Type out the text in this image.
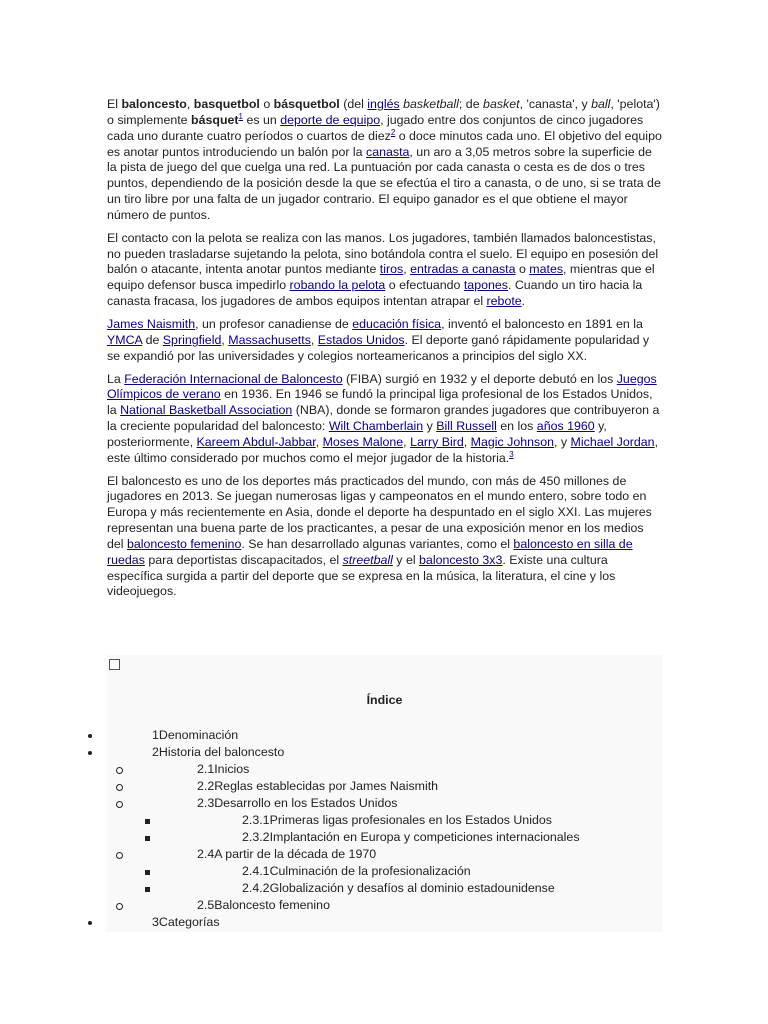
El baloncesto, basquetbol o básquetbol (del inglés basketball; de basket, 'canasta', y ball, 'pelota') o simplemente básquet$^1$ es un deporte de equipo, jugado entre dos conjuntos de cinco jugadores cada uno durante cuatro períodos o cuartos de diez$^2$ o doce minutos cada uno. El objetivo del equipo es anotar puntos introduciendo un balón por la canasta, un aro a 3,05 metros sobre la superficie de la pista de juego del que cuelga una red. La puntuación por cada canasta o cesta es de dos o tres puntos, dependiendo de la posición desde la que se efectúa el tiro a canasta, o de uno, si se trata de un tiro libre por una falta de un jugador contrario. El equipo ganador es el que obtiene el mayor número de puntos.

El contacto con la pelota se realiza con las manos. Los jugadores, también llamados baloncestistas, no pueden trasladarse sujetando la pelota, sino botándola contra el suelo. El equipo en posesión del balón o atacante, intenta anotar puntos mediante tiros, entradas a canasta o mates, mientras que el equipo defensor busca impedirlo robando la pelota o efectuando tapones. Cuando un tiro hacia la canasta fracasa, los jugadores de ambos equipos intentan atrapar el rebote.

James Naismith, un profesor canadiense de educación física, inventó el baloncesto en 1891 en la YMCA de Springfield, Massachusetts, Estados Unidos. El deporte ganó rápidamente popularidad y se expandió por las universidades y colegios norteamericanos a principios del siglo XX.

La Federación Internacional de Baloncesto (FIBA) surgió en 1932 y el deporte debutó en los Juegos Olímpicos de verano en 1936. En 1946 se fundó la principal liga profesional de los Estados Unidos, la National Basketball Association (NBA), donde se formaron grandes jugadores que contribuyeron a la creciente popularidad del baloncesto: Wilt Chamberlain y Bill Russell en los años 1960 y, posteriormente, Kareem Abdul-Jabbar, Moses Malone, Larry Bird, Magic Johnson, y Michael Jordan, este último considerado por muchos como el mejor jugador de la historia.$^3$

El baloncesto es uno de los deportes más practicados del mundo, con más de 450 millones de jugadores en 2013. Se juegan numerosas ligas y campeonatos en el mundo entero, sobre todo en Europa y más recientemente en Asia, donde el deporte ha despuntado en el siglo XXI. Las mujeres representan una buena parte de los practicantes, a pesar de una exposición menor en los medios del baloncesto femenino. Se han desarrollado algunas variantes, como el baloncesto en silla de ruedas para deportistas discapacitados, el streetball y el baloncesto 3x3. Existe una cultura específica surgida a partir del deporte que se expresa en la música, la literatura, el cine y los videojuegos.

Índice
1Denominación
2Historia del baloncesto
2.1Inicios
2.2Reglas establecidas por James Naismith
2.3Desarrollo en los Estados Unidos
2.3.1Primeras ligas profesionales en los Estados Unidos
2.3.2Implantación en Europa y competiciones internacionales
2.4A partir de la década de 1970
2.4.1Culminación de la profesionalización
2.4.2Globalización y desafíos al dominio estadounidense
2.5Baloncesto femenino
3Categorías
